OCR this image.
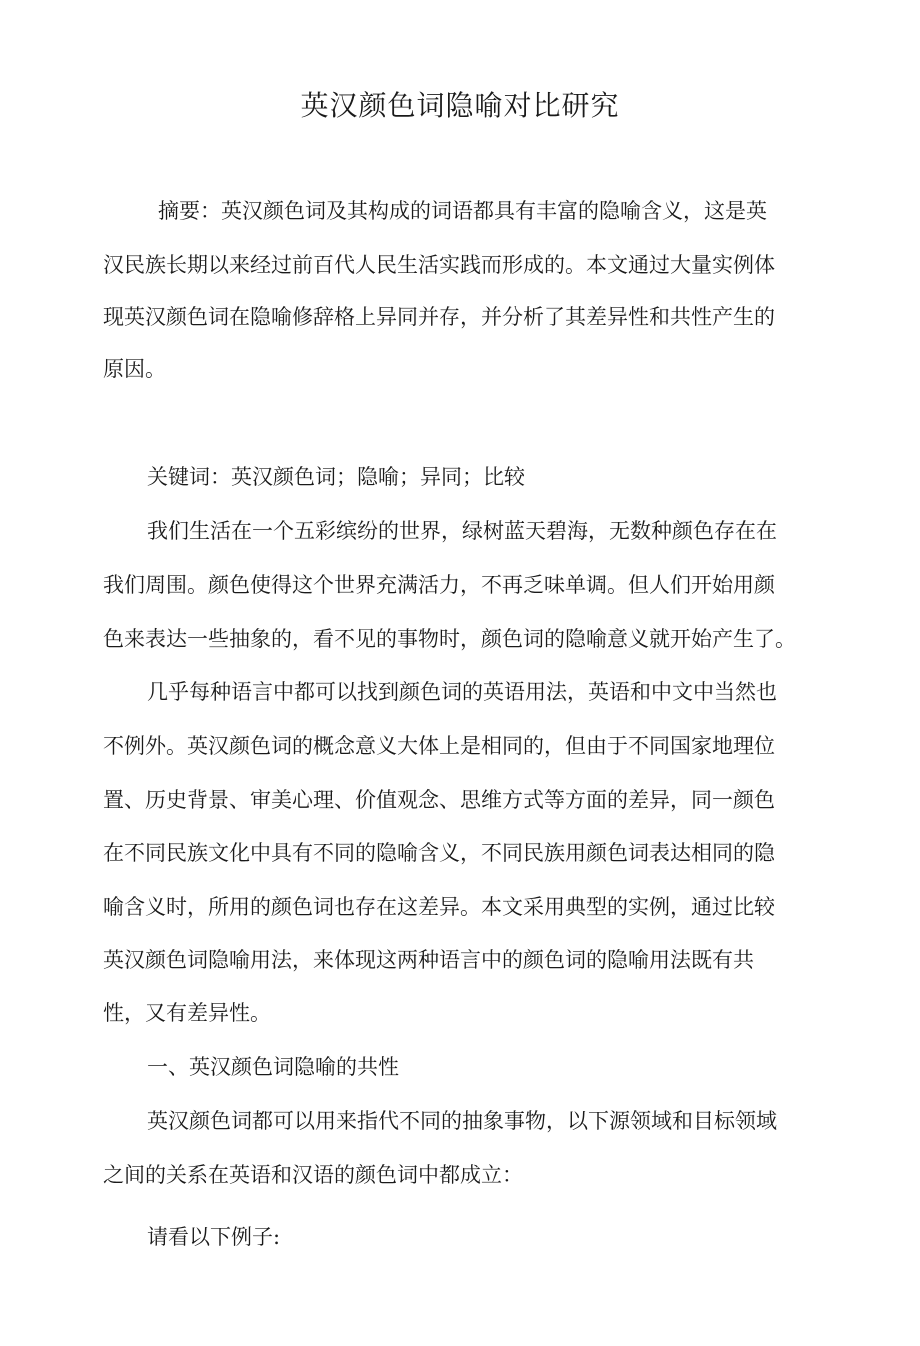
英汉颜色词隐喻对比研究
摘要：英汉颜色词及其构成的词语都具有丰富的隐喻含义，这是英
汉民族长期以来经过前百代人民生活实践而形成的。本文通过大量实例体
现英汉颜色词在隐喻修辞格上异同并存，并分析了其差异性和共性产生的
原因。
关键词：英汉颜色词；隐喻；异同；比较
我们生活在一个五彩缤纷的世界，绿树蓝天碧海，无数种颜色存在在
我们周围。颜色使得这个世界充满活力，不再乏味单调。但人们开始用颜
色来表达一些抽象的，看不见的事物时，颜色词的隐喻意义就开始产生了。
几乎每种语言中都可以找到颜色词的英语用法，英语和中文中当然也
不例外。英汉颜色词的概念意义大体上是相同的，但由于不同国家地理位
置、历史背景、审美心理、价值观念、思维方式等方面的差异，同一颜色
在不同民族文化中具有不同的隐喻含义，不同民族用颜色词表达相同的隐
喻含义时，所用的颜色词也存在这差异。本文采用典型的实例，通过比较
英汉颜色词隐喻用法，来体现这两种语言中的颜色词的隐喻用法既有共
性，又有差异性。
一、英汉颜色词隐喻的共性
英汉颜色词都可以用来指代不同的抽象事物，以下源领域和目标领域
之间的关系在英语和汉语的颜色词中都成立：
请看以下例子:
